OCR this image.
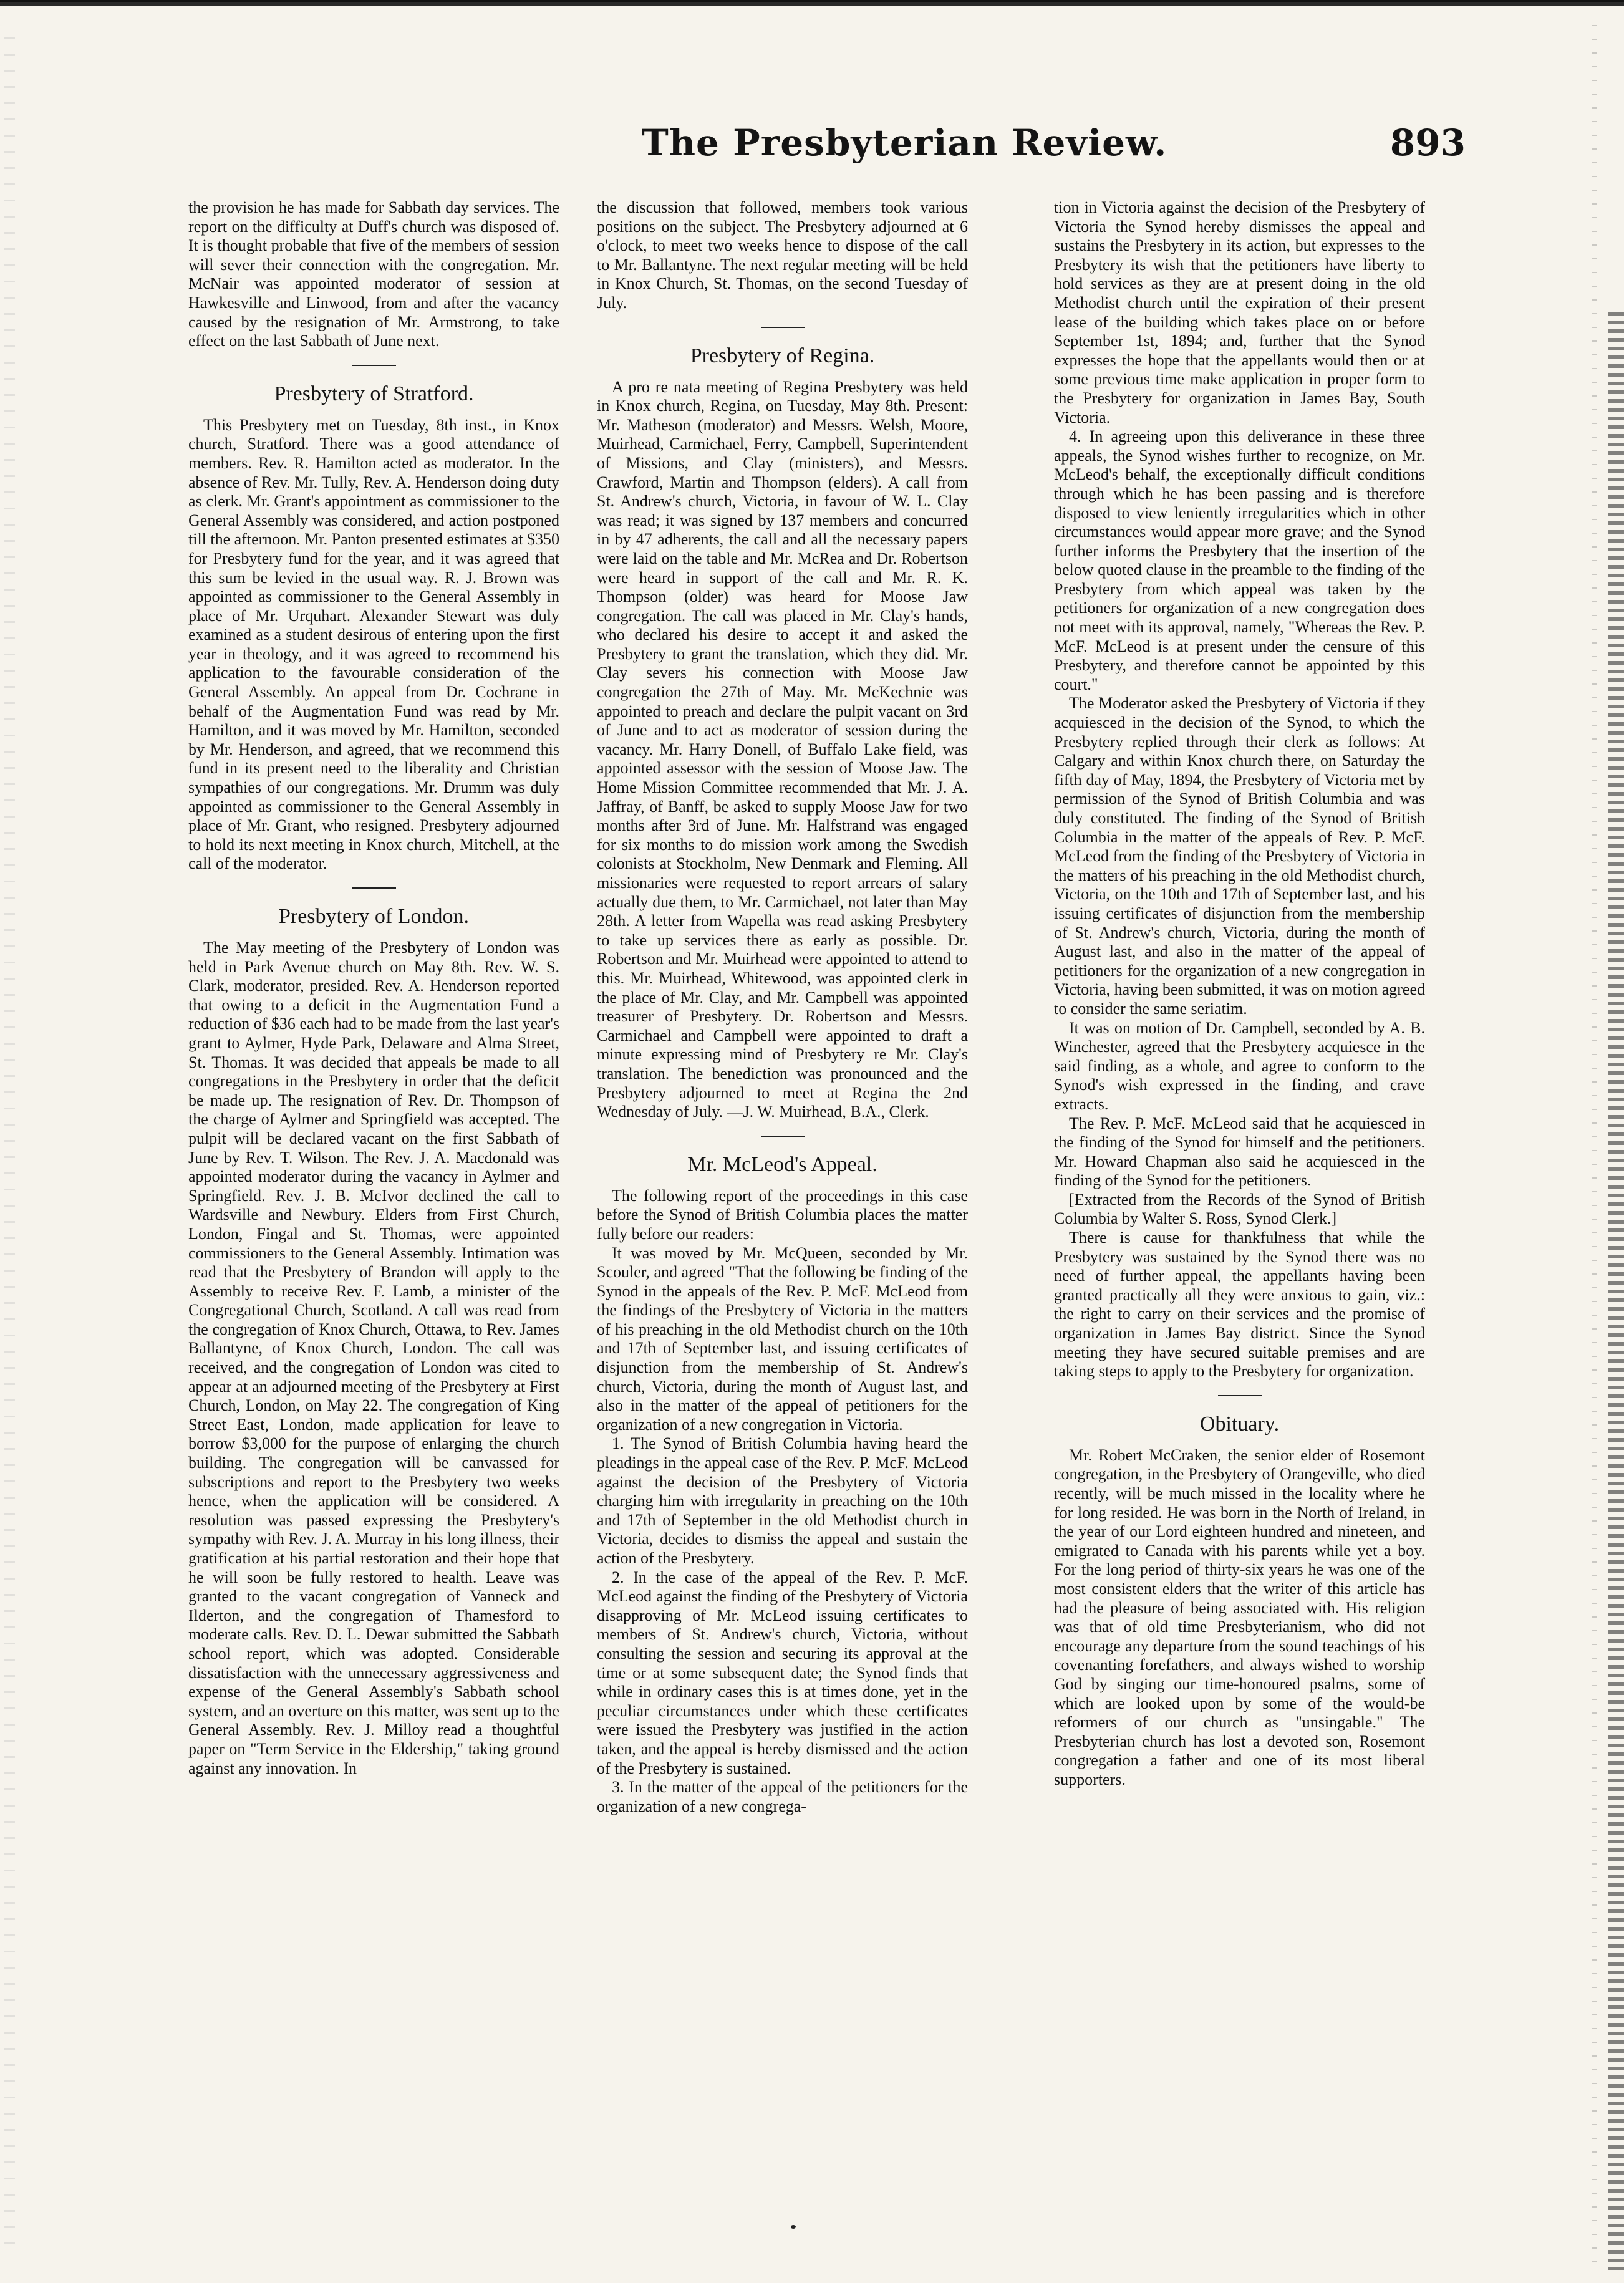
The Presbyterian Review.	893

the provision he has made for Sabbath day services. The report on the difficulty at Duff's church was disposed of. It is thought probable that five of the members of session will sever their connection with the congregation. Mr. McNair was appointed moderator of session at Hawkesville and Linwood, from and after the vacancy caused by the resignation of Mr. Armstrong, to take effect on the last Sabbath of June next.

Presbytery of Stratford.

This Presbytery met on Tuesday, 8th inst., in Knox church, Stratford. There was a good attendance of members. Rev. R. Hamilton acted as moderator. In the absence of Rev. Mr. Tully, Rev. A. Henderson doing duty as clerk. Mr. Grant's appointment as commissioner to the General Assembly was considered, and action postponed till the afternoon. Mr. Panton presented estimates at $350 for Presbytery fund for the year, and it was agreed that this sum be levied in the usual way. R. J. Brown was appointed as commissioner to the General Assembly in place of Mr. Urquhart. Alexander Stewart was duly examined as a student desirous of entering upon the first year in theology, and it was agreed to recommend his application to the favourable consideration of the General Assembly. An appeal from Dr. Cochrane in behalf of the Augmentation Fund was read by Mr. Hamilton, and it was moved by Mr. Hamilton, seconded by Mr. Henderson, and agreed, that we recommend this fund in its present need to the liberality and Christian sympathies of our congregations. Mr. Drumm was duly appointed as commissioner to the General Assembly in place of Mr. Grant, who resigned. Presbytery adjourned to hold its next meeting in Knox church, Mitchell, at the call of the moderator.

Presbytery of London.

The May meeting of the Presbytery of London was held in Park Avenue church on May 8th. Rev. W. S. Clark, moderator, presided. Rev. A. Henderson reported that owing to a deficit in the Augmentation Fund a reduction of $36 each had to be made from the last year's grant to Aylmer, Hyde Park, Delaware and Alma Street, St. Thomas. It was decided that appeals be made to all congregations in the Presbytery in order that the deficit be made up. The resignation of Rev. Dr. Thompson of the charge of Aylmer and Springfield was accepted. The pulpit will be declared vacant on the first Sabbath of June by Rev. T. Wilson. The Rev. J. A. Macdonald was appointed moderator during the vacancy in Aylmer and Springfield. Rev. J. B. McIvor declined the call to Wardsville and Newbury. Elders from First Church, London, Fingal and St. Thomas, were appointed commissioners to the General Assembly. Intimation was read that the Presbytery of Brandon will apply to the Assembly to receive Rev. F. Lamb, a minister of the Congregational Church, Scotland. A call was read from the congregation of Knox Church, Ottawa, to Rev. James Ballantyne, of Knox Church, London. The call was received, and the congregation of London was cited to appear at an adjourned meeting of the Presbytery at First Church, London, on May 22. The congregation of King Street East, London, made application for leave to borrow $3,000 for the purpose of enlarging the church building. The congregation will be canvassed for subscriptions and report to the Presbytery two weeks hence, when the application will be considered. A resolution was passed expressing the Presbytery's sympathy with Rev. J. A. Murray in his long illness, their gratification at his partial restoration and their hope that he will soon be fully restored to health. Leave was granted to the vacant congregation of Vanneck and Ilderton, and the congregation of Thamesford to moderate calls. Rev. D. L. Dewar submitted the Sabbath school report, which was adopted. Considerable dissatisfaction with the unnecessary aggressiveness and expense of the General Assembly's Sabbath school system, and an overture on this matter, was sent up to the General Assembly. Rev. J. Milloy read a thoughtful paper on "Term Service in the Eldership," taking ground against any innovation. In

the discussion that followed, members took various positions on the subject. The Presbytery adjourned at 6 o'clock, to meet two weeks hence to dispose of the call to Mr. Ballantyne. The next regular meeting will be held in Knox Church, St. Thomas, on the second Tuesday of July.

Presbytery of Regina.

A pro re nata meeting of Regina Presbytery was held in Knox church, Regina, on Tuesday, May 8th. Present: Mr. Matheson (moderator) and Messrs. Welsh, Moore, Muirhead, Carmichael, Ferry, Campbell, Superintendent of Missions, and Clay (ministers), and Messrs. Crawford, Martin and Thompson (elders). A call from St. Andrew's church, Victoria, in favour of W. L. Clay was read; it was signed by 137 members and concurred in by 47 adherents, the call and all the necessary papers were laid on the table and Mr. McRea and Dr. Robertson were heard in support of the call and Mr. R. K. Thompson (older) was heard for Moose Jaw congregation. The call was placed in Mr. Clay's hands, who declared his desire to accept it and asked the Presbytery to grant the translation, which they did. Mr. Clay severs his connection with Moose Jaw congregation the 27th of May. Mr. McKechnie was appointed to preach and declare the pulpit vacant on 3rd of June and to act as moderator of session during the vacancy. Mr. Harry Donell, of Buffalo Lake field, was appointed assessor with the session of Moose Jaw. The Home Mission Committee recommended that Mr. J. A. Jaffray, of Banff, be asked to supply Moose Jaw for two months after 3rd of June. Mr. Halfstrand was engaged for six months to do mission work among the Swedish colonists at Stockholm, New Denmark and Fleming. All missionaries were requested to report arrears of salary actually due them, to Mr. Carmichael, not later than May 28th. A letter from Wapella was read asking Presbytery to take up services there as early as possible. Dr. Robertson and Mr. Muirhead were appointed to attend to this. Mr. Muirhead, Whitewood, was appointed clerk in the place of Mr. Clay, and Mr. Campbell was appointed treasurer of Presbytery. Dr. Robertson and Messrs. Carmichael and Campbell were appointed to draft a minute expressing mind of Presbytery re Mr. Clay's translation. The benediction was pronounced and the Presbytery adjourned to meet at Regina the 2nd Wednesday of July. —J. W. Muirhead, B.A., Clerk.

Mr. McLeod's Appeal.

The following report of the proceedings in this case before the Synod of British Columbia places the matter fully before our readers:

It was moved by Mr. McQueen, seconded by Mr. Scouler, and agreed "That the following be finding of the Synod in the appeals of the Rev. P. McF. McLeod from the findings of the Presbytery of Victoria in the matters of his preaching in the old Methodist church on the 10th and 17th of September last, and issuing certificates of disjunction from the membership of St. Andrew's church, Victoria, during the month of August last, and also in the matter of the appeal of petitioners for the organization of a new congregation in Victoria.

1. The Synod of British Columbia having heard the pleadings in the appeal case of the Rev. P. McF. McLeod against the decision of the Presbytery of Victoria charging him with irregularity in preaching on the 10th and 17th of September in the old Methodist church in Victoria, decides to dismiss the appeal and sustain the action of the Presbytery.

2. In the case of the appeal of the Rev. P. McF. McLeod against the finding of the Presbytery of Victoria disapproving of Mr. McLeod issuing certificates to members of St. Andrew's church, Victoria, without consulting the session and securing its approval at the time or at some subsequent date; the Synod finds that while in ordinary cases this is at times done, yet in the peculiar circumstances under which these certificates were issued the Presbytery was justified in the action taken, and the appeal is hereby dismissed and the action of the Presbytery is sustained.

3. In the matter of the appeal of the petitioners for the organization of a new congrega-

tion in Victoria against the decision of the Presbytery of Victoria the Synod hereby dismisses the appeal and sustains the Presbytery in its action, but expresses to the Presbytery its wish that the petitioners have liberty to hold services as they are at present doing in the old Methodist church until the expiration of their present lease of the building which takes place on or before September 1st, 1894; and, further that the Synod expresses the hope that the appellants would then or at some previous time make application in proper form to the Presbytery for organization in James Bay, South Victoria.

4. In agreeing upon this deliverance in these three appeals, the Synod wishes further to recognize, on Mr. McLeod's behalf, the exceptionally difficult conditions through which he has been passing and is therefore disposed to view leniently irregularities which in other circumstances would appear more grave; and the Synod further informs the Presbytery that the insertion of the below quoted clause in the preamble to the finding of the Presbytery from which appeal was taken by the petitioners for organization of a new congregation does not meet with its approval, namely, "Whereas the Rev. P. McF. McLeod is at present under the censure of this Presbytery, and therefore cannot be appointed by this court."

The Moderator asked the Presbytery of Victoria if they acquiesced in the decision of the Synod, to which the Presbytery replied through their clerk as follows: At Calgary and within Knox church there, on Saturday the fifth day of May, 1894, the Presbytery of Victoria met by permission of the Synod of British Columbia and was duly constituted. The finding of the Synod of British Columbia in the matter of the appeals of Rev. P. McF. McLeod from the finding of the Presbytery of Victoria in the matters of his preaching in the old Methodist church, Victoria, on the 10th and 17th of September last, and his issuing certificates of disjunction from the membership of St. Andrew's church, Victoria, during the month of August last, and also in the matter of the appeal of petitioners for the organization of a new congregation in Victoria, having been submitted, it was on motion agreed to consider the same seriatim.

It was on motion of Dr. Campbell, seconded by A. B. Winchester, agreed that the Presbytery acquiesce in the said finding, as a whole, and agree to conform to the Synod's wish expressed in the finding, and crave extracts.

The Rev. P. McF. McLeod said that he acquiesced in the finding of the Synod for himself and the petitioners. Mr. Howard Chapman also said he acquiesced in the finding of the Synod for the petitioners.

[Extracted from the Records of the Synod of British Columbia by Walter S. Ross, Synod Clerk.]

There is cause for thankfulness that while the Presbytery was sustained by the Synod there was no need of further appeal, the appellants having been granted practically all they were anxious to gain, viz.: the right to carry on their services and the promise of organization in James Bay district. Since the Synod meeting they have secured suitable premises and are taking steps to apply to the Presbytery for organization.

Obituary.

Mr. Robert McCraken, the senior elder of Rosemont congregation, in the Presbytery of Orangeville, who died recently, will be much missed in the locality where he for long resided. He was born in the North of Ireland, in the year of our Lord eighteen hundred and nineteen, and emigrated to Canada with his parents while yet a boy. For the long period of thirty-six years he was one of the most consistent elders that the writer of this article has had the pleasure of being associated with. His religion was that of old time Presbyterianism, who did not encourage any departure from the sound teachings of his covenanting forefathers, and always wished to worship God by singing our time-honoured psalms, some of which are looked upon by some of the would-be reformers of our church as "unsingable." The Presbyterian church has lost a devoted son, Rosemont congregation a father and one of its most liberal supporters.
